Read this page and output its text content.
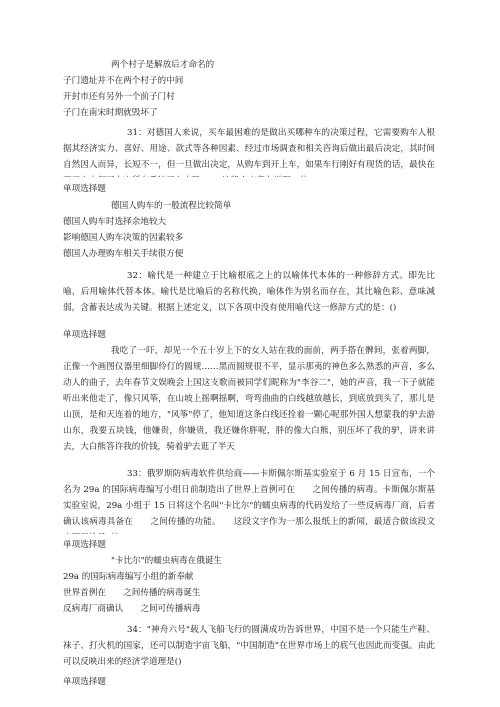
两个村子是解放后才命名的
子门遗址并不在两个村子的中间
开封市还有另外一个前子门村
子门在南宋时期就毁坏了
31：对德国人来说，买车最困难的是做出买哪种车的决策过程，它需要购车人根据其经济实力、喜好、用途、款式等各种因素、经过市场调查和相关咨询后做出最后决定，其时间自然因人而异，长短不一，但一旦做出决定，从购车到开上车，如果车行刚好有现货的话，最快在　　
单项选择题
德国人购车的一般流程比较简单
德国人购车时选择余地较大
影响德国人购车决策的因素较多
德国人办理购车相关手续很方便
32：喻代是一种建立于比喻根底之上的以喻体代本体的一种修辞方式。即先比喻，后用喻体代替本体。喻代是比喻后的名称代换，喻体作为别名而存在，其比喻色彩、意味减弱，含蓄表达成为关键。根据上述定义，以下各项中没有使用喻代这一修辞方式的是：()
单项选择题
我吃了一吓，却见一个五十岁上下的女人站在我的面前，两手搭在髀间，张着两脚，正像一个画图仪器里细脚伶仃的圆规……黑而圆规很不平，显示那夷的神色多么熟悉的声音，多么动人的曲子，去年春节文娱晚会上国这支歌而被同学们昵称为"李谷二"，她的声音，我一下子就能听出来他走了，像只风筝，在山坡上摇啊摇啊，弯弯曲曲的白线越放越长，到底放到头了，那儿是山顶，是和天连着的地方，"风筝"停了，他知道这条白线还拴着一颗心呢那外国人想蒙我的驴去游山东，我要五块钱，他嫌贵，你嫌贵，我还嫌你胖呢，胖的像大白熊，别压坏了我的驴，讲来讲去，大白熊答许我的价钱，骑着驴去逛了半天
33：俄罗斯防病毒软件供给商——卡斯佩尔斯基实验室于 6 月 15 日宣布，一个名为 29a 的国际病毒编写小组日前制造出了世界上首例可在　　之间传播的病毒。卡斯佩尔斯基实验室说，29a 小组于 15 日将这个名叫"卡比尔"的蠕虫病毒的代码发给了一些反病毒厂商，后者确认该病毒具备在　　之间传播的功能。　　这段文字作为一那么报纸上的新闻，最适合做该段文
单项选择题
"卡比尔"的蠕虫病毒在俄诞生
29a 的国际病毒编写小组的新奉献
世界首例在　　之间传播的病毒诞生
反病毒厂商确认　　之间可传播病毒
34："神舟六号"载人飞船飞行的圆满成功告诉世界，中国不是一个只能生产鞋、袜子、打火机的国家，还可以制造宇宙飞船，"中国制造"在世界市场上的底气也因此而变强。由此可以反映出来的经济学道理是()
单项选择题
